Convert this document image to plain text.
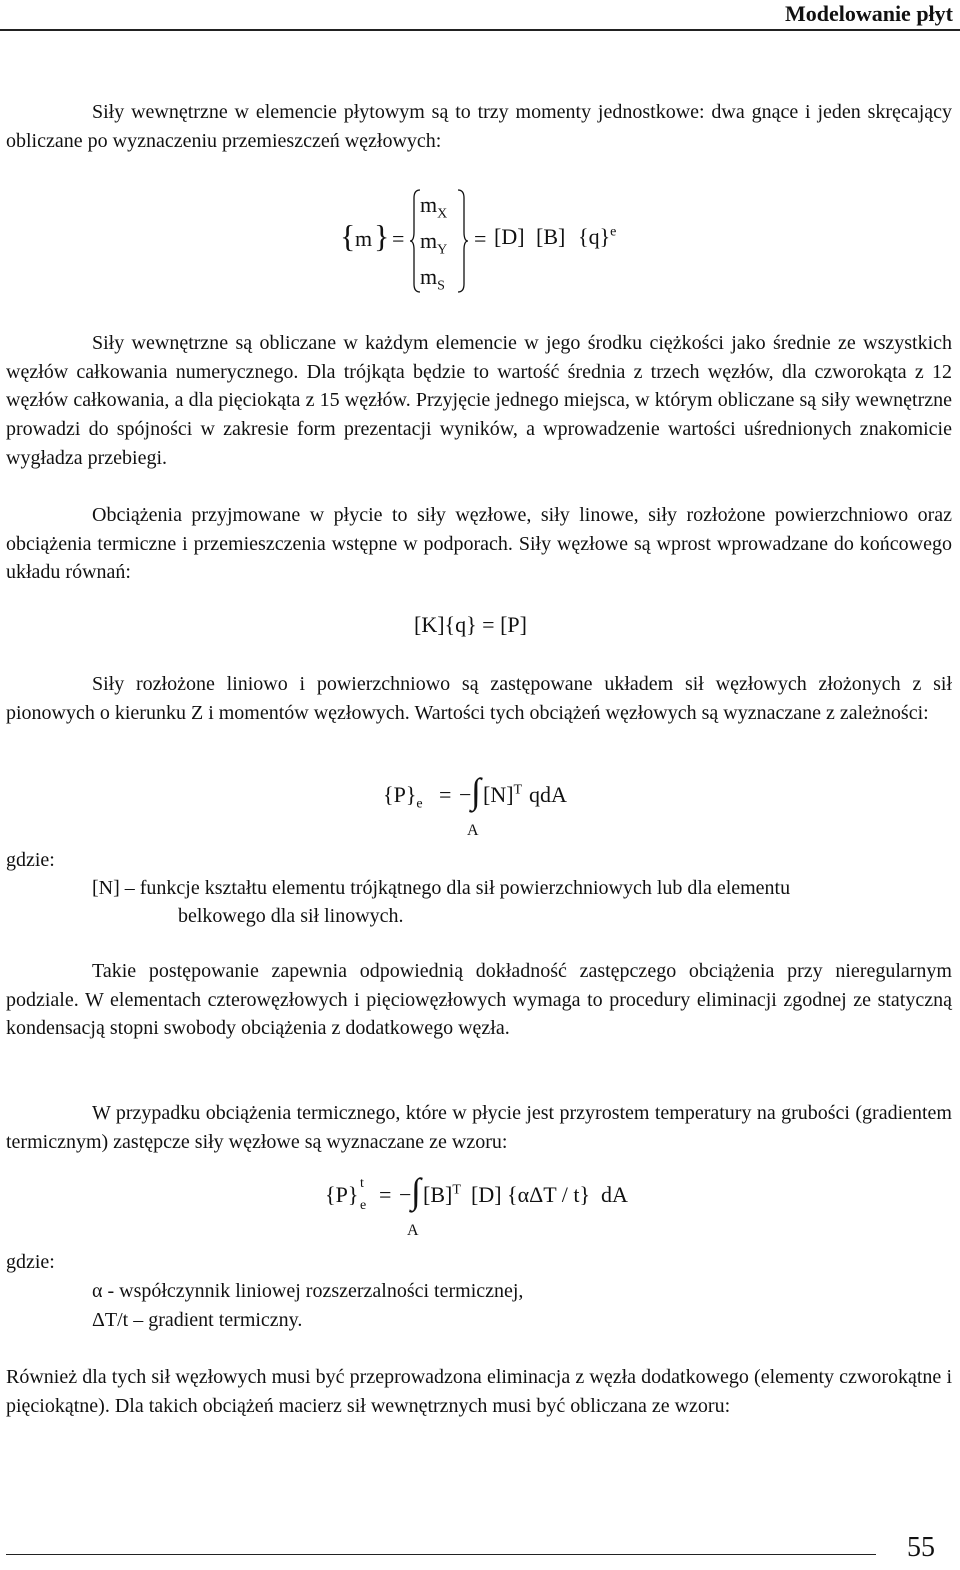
Modelowanie płyt

Siły wewnętrzne w elemencie płytowym są to trzy momenty jednostkowe: dwa gnące i jeden skręcający obliczane po wyznaczeniu przemieszczeń węzłowych:

{ m } =
$m_X$
$m_Y$
$m_S$
= [D] [B] $\{q\}^e$

Siły wewnętrzne są obliczane w każdym elemencie w jego środku ciężkości jako średnie ze wszystkich węzłów całkowania numerycznego. Dla trójkąta będzie to wartość średnia z trzech węzłów, dla czworokąta z 12 węzłów całkowania, a dla pięciokąta z 15 węzłów. Przyjęcie jednego miejsca, w którym obliczane są siły wewnętrzne prowadzi do spójności w zakresie form prezentacji wyników, a wprowadzenie wartości uśrednionych znakomicie wygładza przebiegi.

Obciążenia przyjmowane w płycie to siły węzłowe, siły linowe, siły rozłożone powierzchniowo oraz obciążenia termiczne i przemieszczenia wstępne w podporach. Siły węzłowe są wprost wprowadzane do końcowego układu równań:

[K]{q} = [P]

Siły rozłożone liniowo i powierzchniowo są zastępowane układem sił węzłowych złożonych z sił pionowych o kierunku Z i momentów węzłowych. Wartości tych obciążeń węzłowych są wyznaczane z zależności:

$\{P\}_e$ = − ∫ $[N]^T$ qdA
A
gdzie:
[N] – funkcje kształtu elementu trójkątnego dla sił powierzchniowych lub dla elementu
belkowego dla sił linowych.

Takie postępowanie zapewnia odpowiednią dokładność zastępczego obciążenia przy nieregularnym podziale. W elementach czterowęzłowych i pięciowęzłowych wymaga to procedury eliminacji zgodnej ze statyczną kondensacją stopni swobody obciążenia z dodatkowego węzła.

W przypadku obciążenia termicznego, które w płycie jest przyrostem temperatury na grubości (gradientem termicznym) zastępcze siły węzłowe są wyznaczane ze wzoru:

{P} t
e = − ∫ $[B]^T$ [D] {αΔT / t} dA
A
gdzie:
α - współczynnik liniowej rozszerzalności termicznej,
ΔT/t – gradient termiczny.

Również dla tych sił węzłowych musi być przeprowadzona eliminacja z węzła dodatkowego (elementy czworokątne i pięciokątne). Dla takich obciążeń macierz sił wewnętrznych musi być obliczana ze wzoru:

55
